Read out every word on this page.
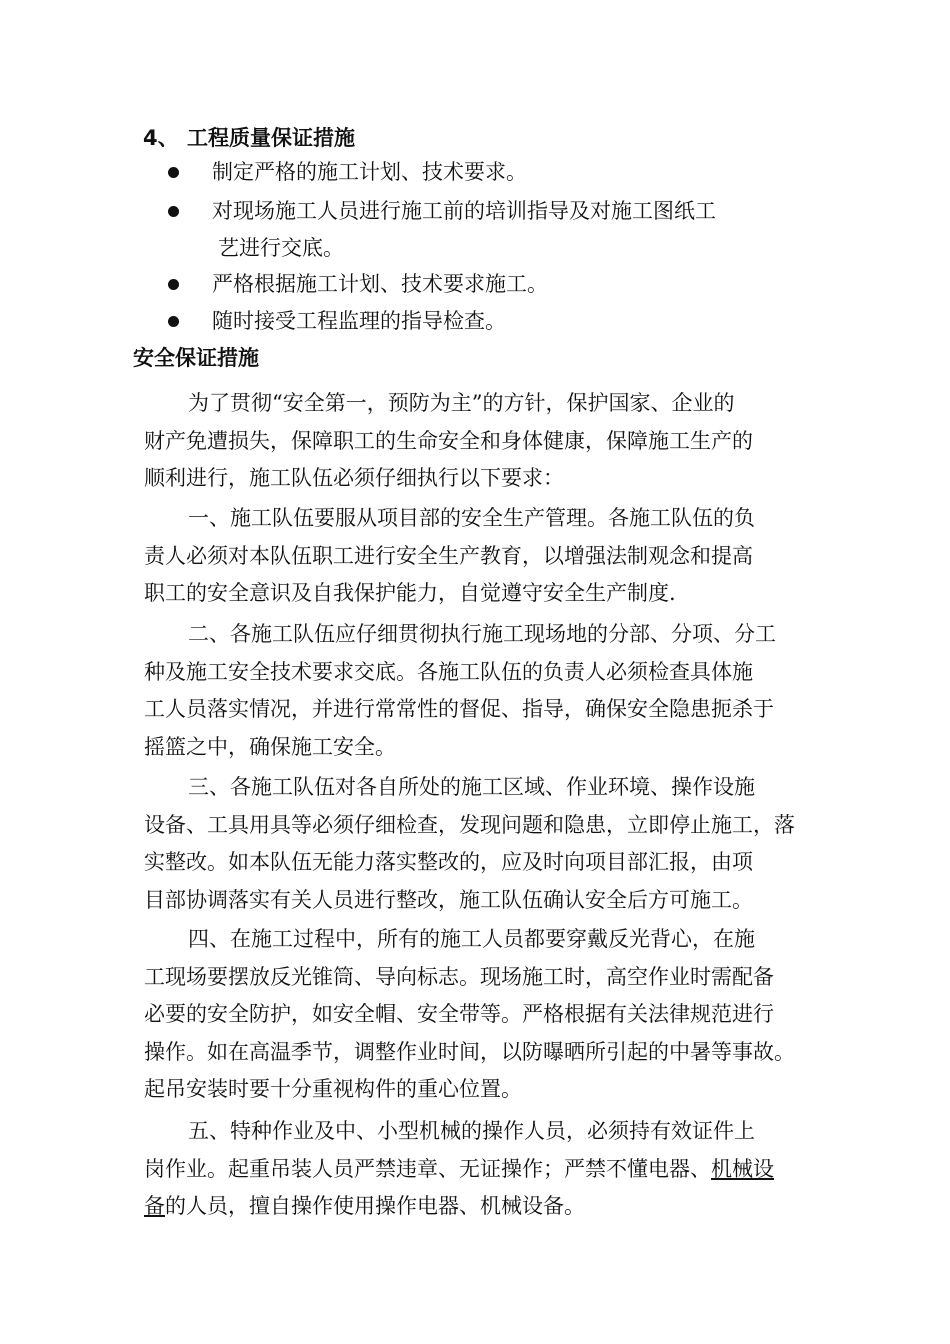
4、 工程质量保证措施
制定严格的施工计划、技术要求。
对现场施工人员进行施工前的培训指导及对施工图纸工
艺进行交底。
严格根据施工计划、技术要求施工。
随时接受工程监理的指导检查。
安全保证措施
为了贯彻“安全第一，预防为主”的方针，保护国家、企业的
财产免遭损失，保障职工的生命安全和身体健康，保障施工生产的
顺利进行，施工队伍必须仔细执行以下要求：
一、施工队伍要服从项目部的安全生产管理。各施工队伍的负
责人必须对本队伍职工进行安全生产教育，以增强法制观念和提高
职工的安全意识及自我保护能力，自觉遵守安全生产制度.
二、各施工队伍应仔细贯彻执行施工现场地的分部、分项、分工
种及施工安全技术要求交底。各施工队伍的负责人必须检查具体施
工人员落实情况，并进行常常性的督促、指导，确保安全隐患扼杀于
摇篮之中，确保施工安全。
三、各施工队伍对各自所处的施工区域、作业环境、操作设施
设备、工具用具等必须仔细检查，发现问题和隐患，立即停止施工，落
实整改。如本队伍无能力落实整改的，应及时向项目部汇报，由项
目部协调落实有关人员进行整改，施工队伍确认安全后方可施工。
四、在施工过程中，所有的施工人员都要穿戴反光背心，在施
工现场要摆放反光锥筒、导向标志。现场施工时，高空作业时需配备
必要的安全防护，如安全帽、安全带等。严格根据有关法律规范进行
操作。如在高温季节，调整作业时间，以防曝晒所引起的中暑等事故。
起吊安装时要十分重视构件的重心位置。
五、特种作业及中、小型机械的操作人员，必须持有效证件上
岗作业。起重吊装人员严禁违章、无证操作；严禁不懂电器、机械设
备的人员，擅自操作使用操作电器、机械设备。
